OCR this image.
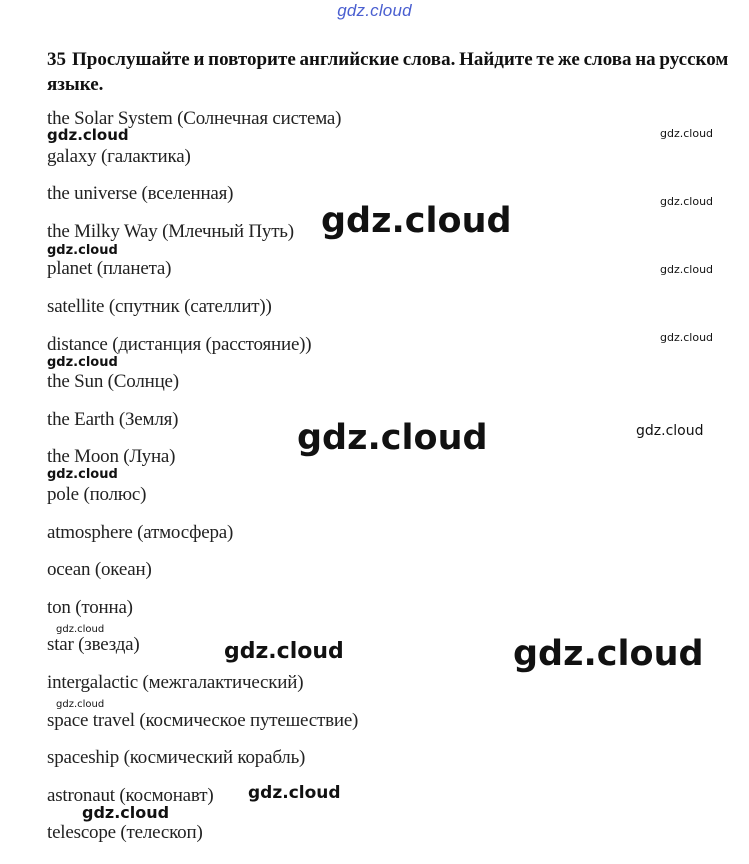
gdz.cloud
35 Прослушайте и повторите английские слова. Найдите те же слова на русском языке.
the Solar System (Солнечная система)
galaxy (галактика)
the universe (вселенная)
the Milky Way (Млечный Путь)
planet (планета)
satellite (спутник (сателлит))
distance (дистанция (расстояние))
the Sun (Солнце)
the Earth (Земля)
the Moon (Луна)
pole (полюс)
atmosphere (атмосфера)
ocean (океан)
ton (тонна)
star (звезда)
intergalactic (межгалактический)
space travel (космическое путешествие)
spaceship (космический корабль)
astronaut (космонавт)
telescope (телескоп)
gdz.cloud	gdz.cloud
gdz.cloud
gdz.cloud
gdz.cloud
gdz.cloud
gdz.cloud
gdz.cloud
gdz.cloud	gdz.cloud
gdz.cloud
gdz.cloud
gdz.cloud	gdz.cloud
gdz.cloud
gdz.cloud
gdz.cloud
